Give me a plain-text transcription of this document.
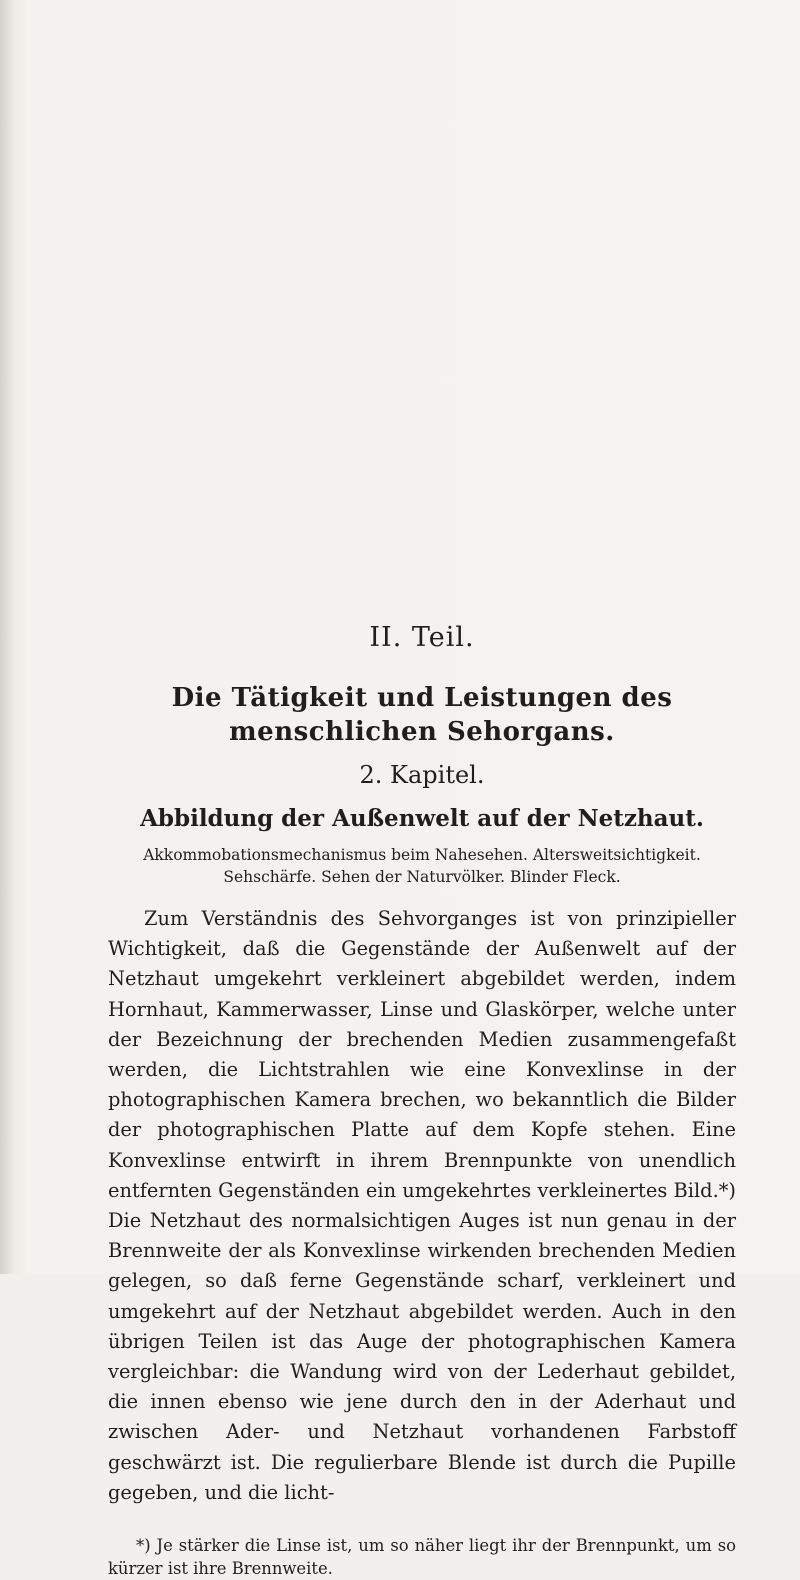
II. Teil.
Die Tätigkeit und Leistungen des menschlichen Sehorgans.
2. Kapitel.
Abbildung der Außenwelt auf der Netzhaut.
Akkommobationsmechanismus beim Nahesehen. Altersweitsichtigkeit. Sehschärfe. Sehen der Naturvölker. Blinder Fleck.

Zum Verständnis des Sehvorganges ist von prinzipieller Wichtigkeit, daß die Gegenstände der Außenwelt auf der Netzhaut umgekehrt verkleinert abgebildet werden, indem Hornhaut, Kammerwasser, Linse und Glaskörper, welche unter der Bezeichnung der brechenden Medien zusammengefaßt werden, die Lichtstrahlen wie eine Konvexlinse in der photographischen Kamera brechen, wo bekanntlich die Bilder der photographischen Platte auf dem Kopfe stehen. Eine Konvexlinse entwirft in ihrem Brennpunkte von unendlich entfernten Gegenständen ein umgekehrtes verkleinertes Bild.*) Die Netzhaut des normalsichtigen Auges ist nun genau in der Brennweite der als Konvexlinse wirkenden brechenden Medien gelegen, so daß ferne Gegenstände scharf, verkleinert und umgekehrt auf der Netzhaut abgebildet werden. Auch in den übrigen Teilen ist das Auge der photographischen Kamera vergleichbar: die Wandung wird von der Lederhaut gebildet, die innen ebenso wie jene durch den in der Aderhaut und zwischen Ader- und Netzhaut vorhandenen Farbstoff geschwärzt ist. Die regulierbare Blende ist durch die Pupille gegeben, und die licht-

*) Je stärker die Linse ist, um so näher liegt ihr der Brennpunkt, um so kürzer ist ihre Brennweite.
